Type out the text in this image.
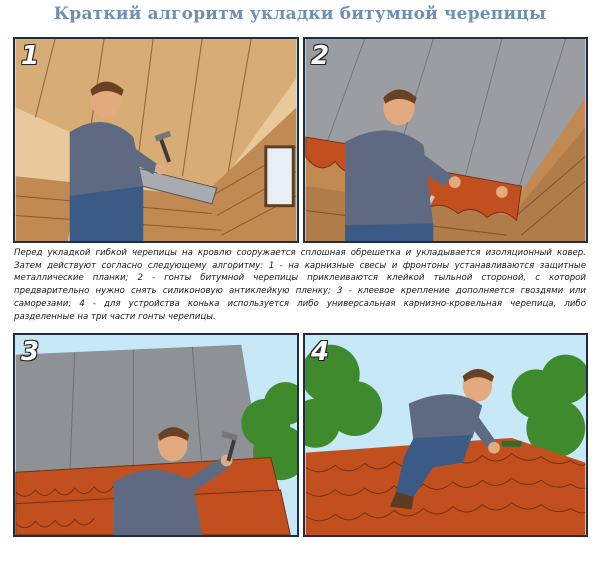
Краткий алгоритм укладки битумной черепицы
1	2
Перед укладкой гибкой черепицы на кровлю сооружается сплошная обрешетка и укладывается изоляционный ковер. Затем действуют согласно следующему алгоритму: 1 - на карнизные свесы и фронтоны устанавливаются защитные металлические планки; 2 - гонты битумной черепицы приклеиваются клейкой тыльной стороной, с которой предварительно нужно снять силиконовую антиклейкую пленку; 3 - клеевое крепление дополняется гвоздями или саморезами; 4 - для устройства конька используется либо универсальная карнизно-кровельная черепица, либо разделенные на три части гонты черепицы.
3	4
